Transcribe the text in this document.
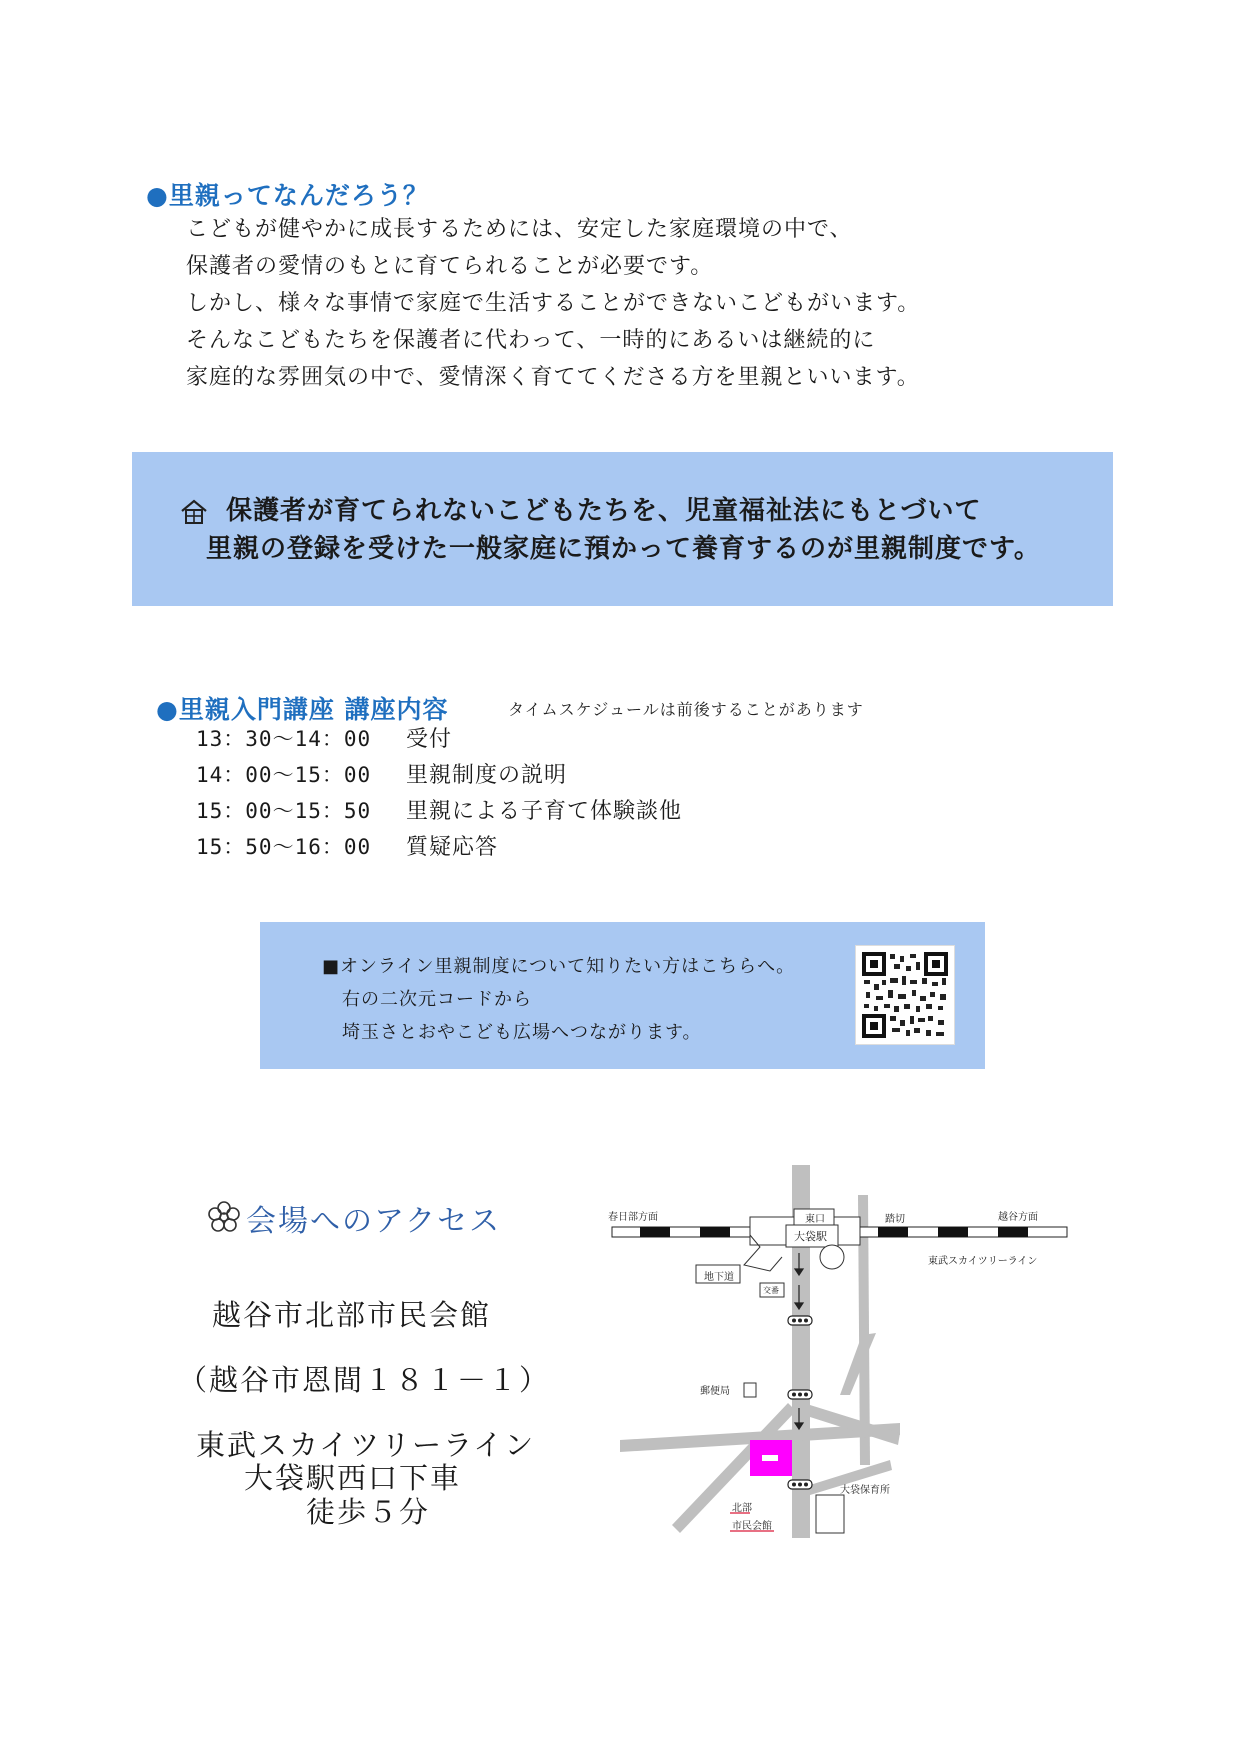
●里親ってなんだろう？

こどもが健やかに成長するためには、安定した家庭環境の中で、

保護者の愛情のもとに育てられることが必要です。

しかし、様々な事情で家庭で生活することができないこどもがいます。

そんなこどもたちを保護者に代わって、一時的にあるいは継続的に

家庭的な雰囲気の中で、愛情深く育ててくださる方を里親といいます。

保護者が育てられないこどもたちを、児童福祉法にもとづいて

里親の登録を受けた一般家庭に預かって養育するのが里親制度です。

●里親入門講座 講座内容	タイムスケジュールは前後することがあります
13：30〜14：00 受付
14：00〜15：00 里親制度の説明
15：00〜15：50 里親による子育て体験談他
15：50〜16：00 質疑応答

■オンライン里親制度について知りたい方はこちらへ。

右の二次元コードから

埼玉さとおやこども広場へつながります。

会場へのアクセス
越谷市北部市民会館
（越谷市恩間１８１－１）
東武スカイツリーライン
大袋駅西口下車
徒歩５分
春日部方面	越谷方面
東口	踏切
大袋駅
東武スカイツリーライン
地下道
交番
郵便局
大袋保育所
北部
市民会館
